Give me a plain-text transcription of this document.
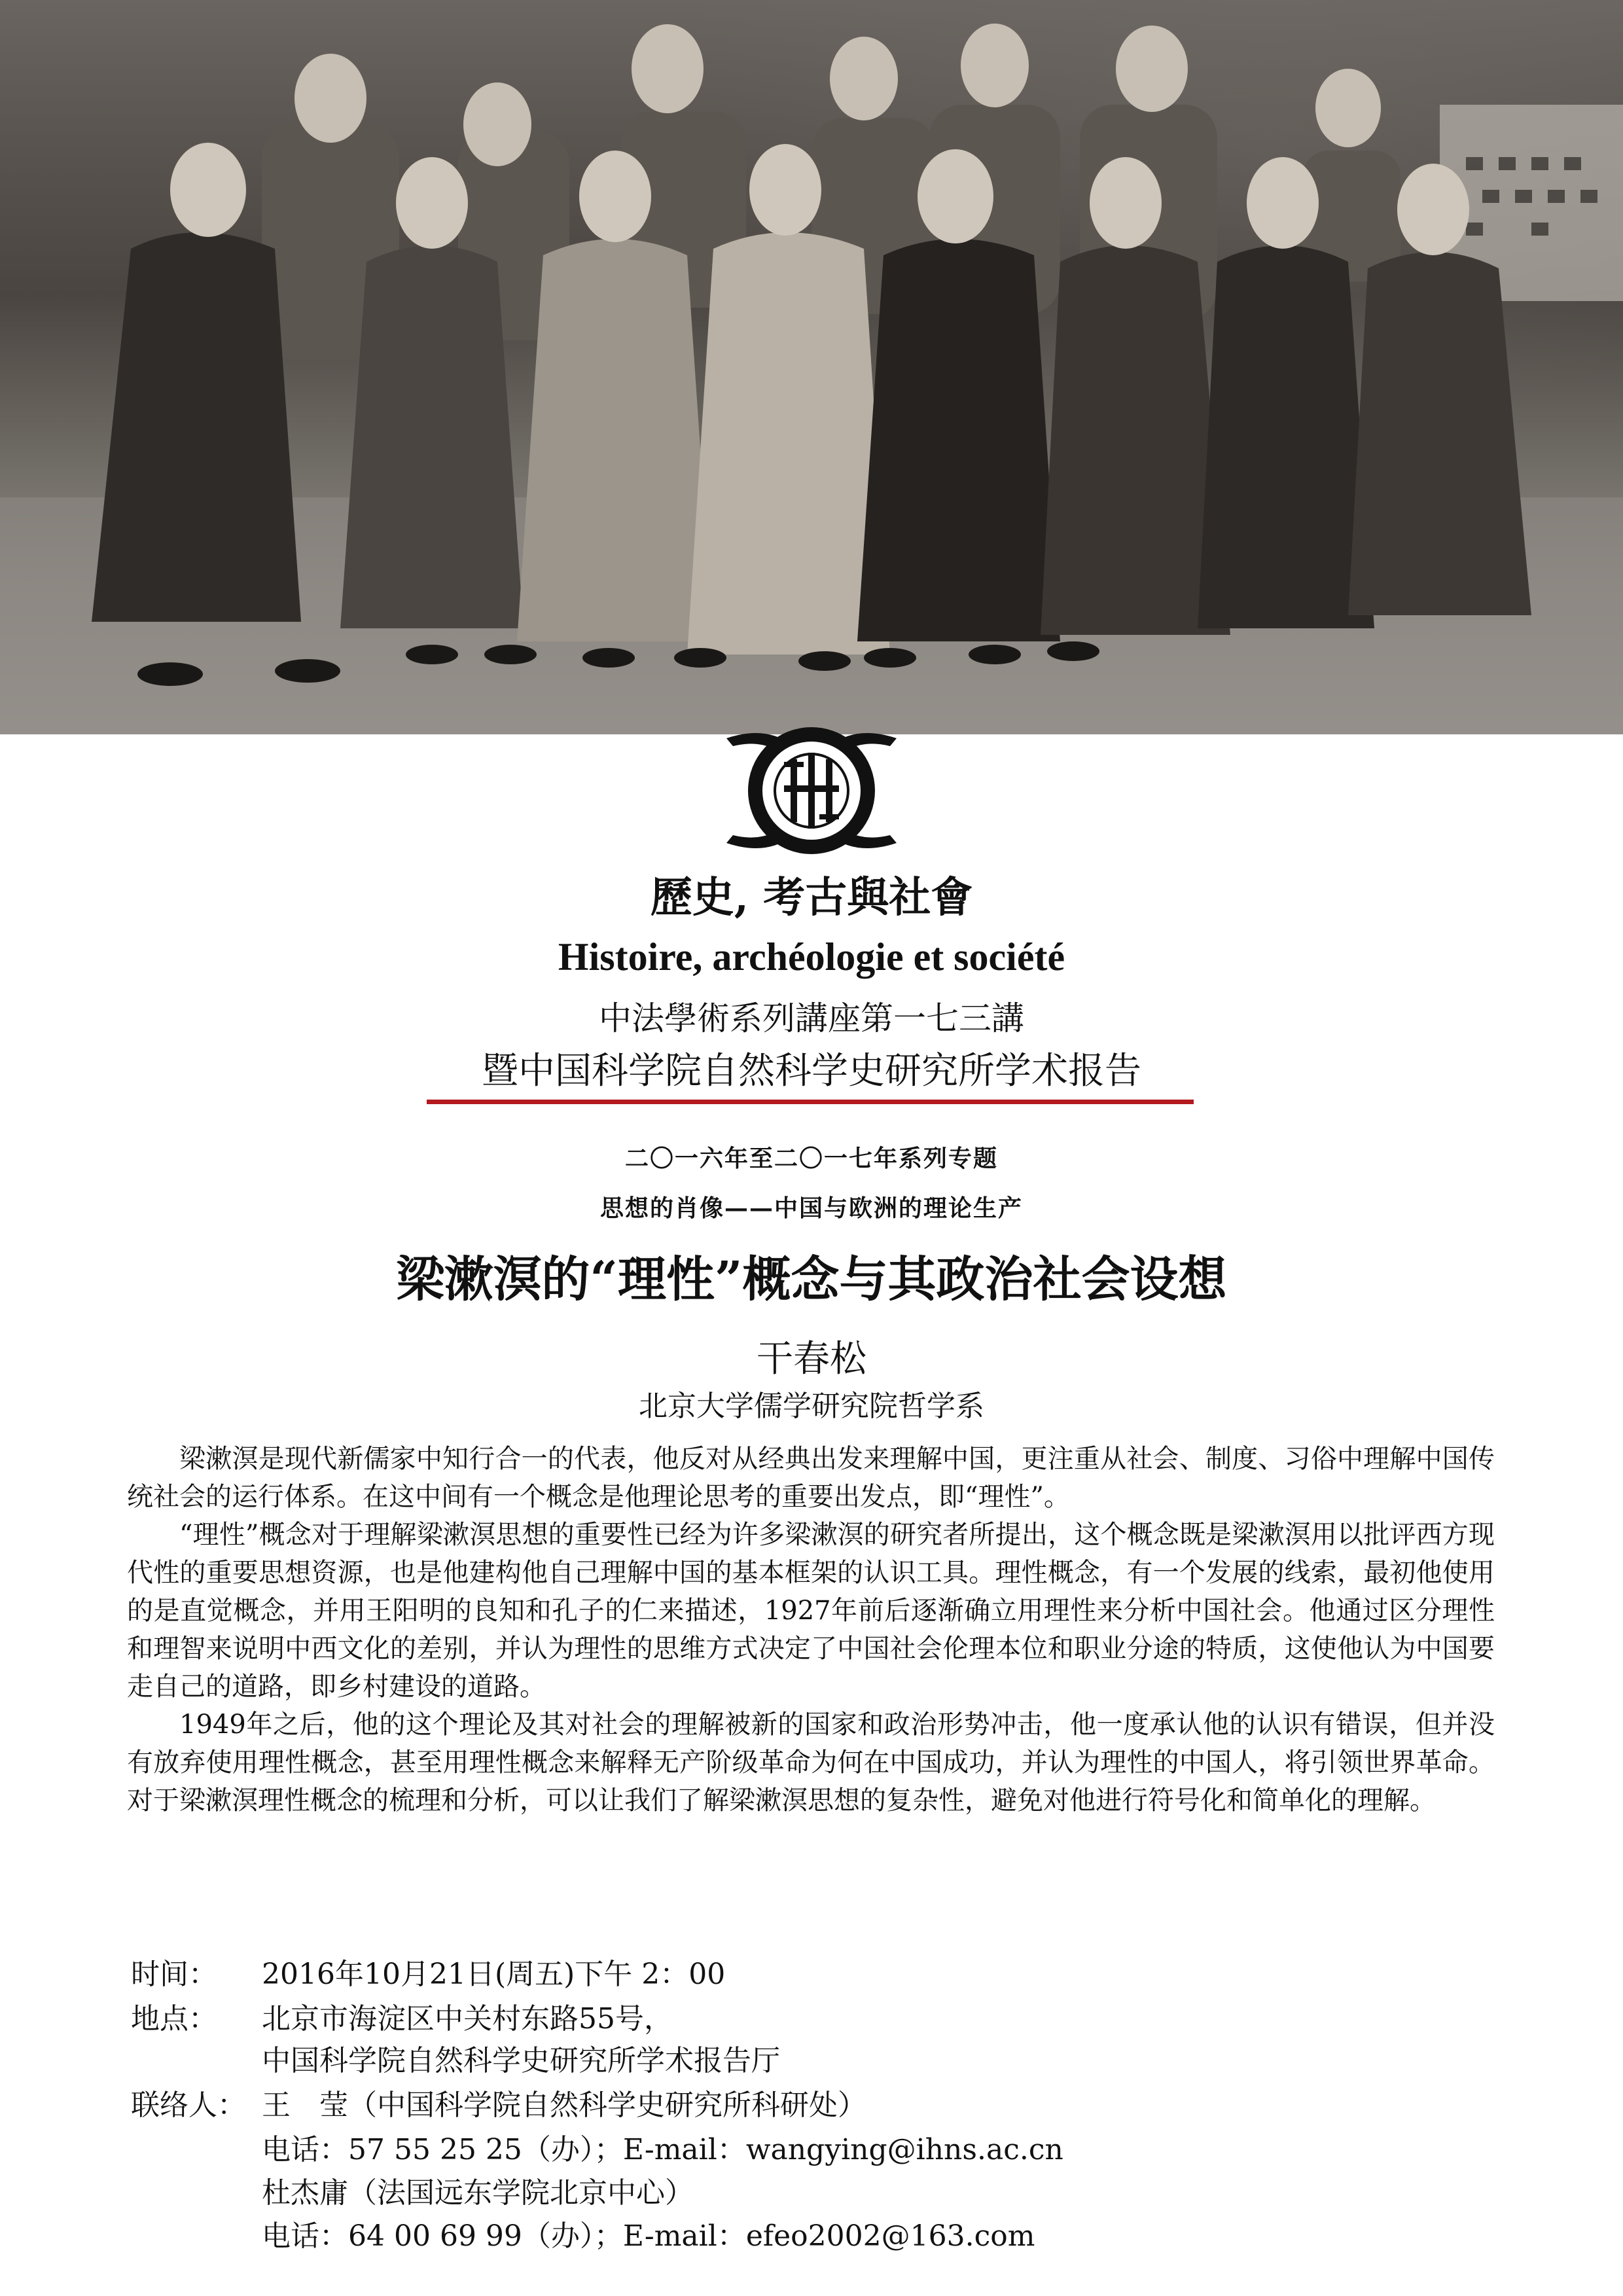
歷史, 考古與社會
Histoire, archéologie et société
中法學術系列講座第一七三講
暨中国科学院自然科学史研究所学术报告
二〇一六年至二〇一七年系列专题
思想的肖像——中国与欧洲的理论生产
梁漱溟的“理性”概念与其政治社会设想
干春松
北京大学儒学研究院哲学系

梁漱溟是现代新儒家中知行合一的代表，他反对从经典出发来理解中国，更注重从社会、制度、习俗中理解中国传统社会的运行体系。在这中间有一个概念是他理论思考的重要出发点，即“理性”。

“理性”概念对于理解梁漱溟思想的重要性已经为许多梁漱溟的研究者所提出，这个概念既是梁漱溟用以批评西方现代性的重要思想资源，也是他建构他自己理解中国的基本框架的认识工具。理性概念，有一个发展的线索，最初他使用的是直觉概念，并用王阳明的良知和孔子的仁来描述，1927年前后逐渐确立用理性来分析中国社会。他通过区分理性和理智来说明中西文化的差别，并认为理性的思维方式决定了中国社会伦理本位和职业分途的特质，这使他认为中国要走自己的道路，即乡村建设的道路。

1949年之后，他的这个理论及其对社会的理解被新的国家和政治形势冲击，他一度承认他的认识有错误，但并没有放弃使用理性概念，甚至用理性概念来解释无产阶级革命为何在中国成功，并认为理性的中国人，将引领世界革命。对于梁漱溟理性概念的梳理和分析，可以让我们了解梁漱溟思想的复杂性，避免对他进行符号化和简单化的理解。

时间： 2016年10月21日(周五)下午 2：00
地点： 北京市海淀区中关村东路55号，
中国科学院自然科学史研究所学术报告厅
联络人： 王　莹（中国科学院自然科学史研究所科研处）
电话：57 55 25 25（办）；E-mail：wangying@ihns.ac.cn
杜杰庸（法国远东学院北京中心）
电话：64 00 69 99（办）；E-mail：efeo2002@163.com
